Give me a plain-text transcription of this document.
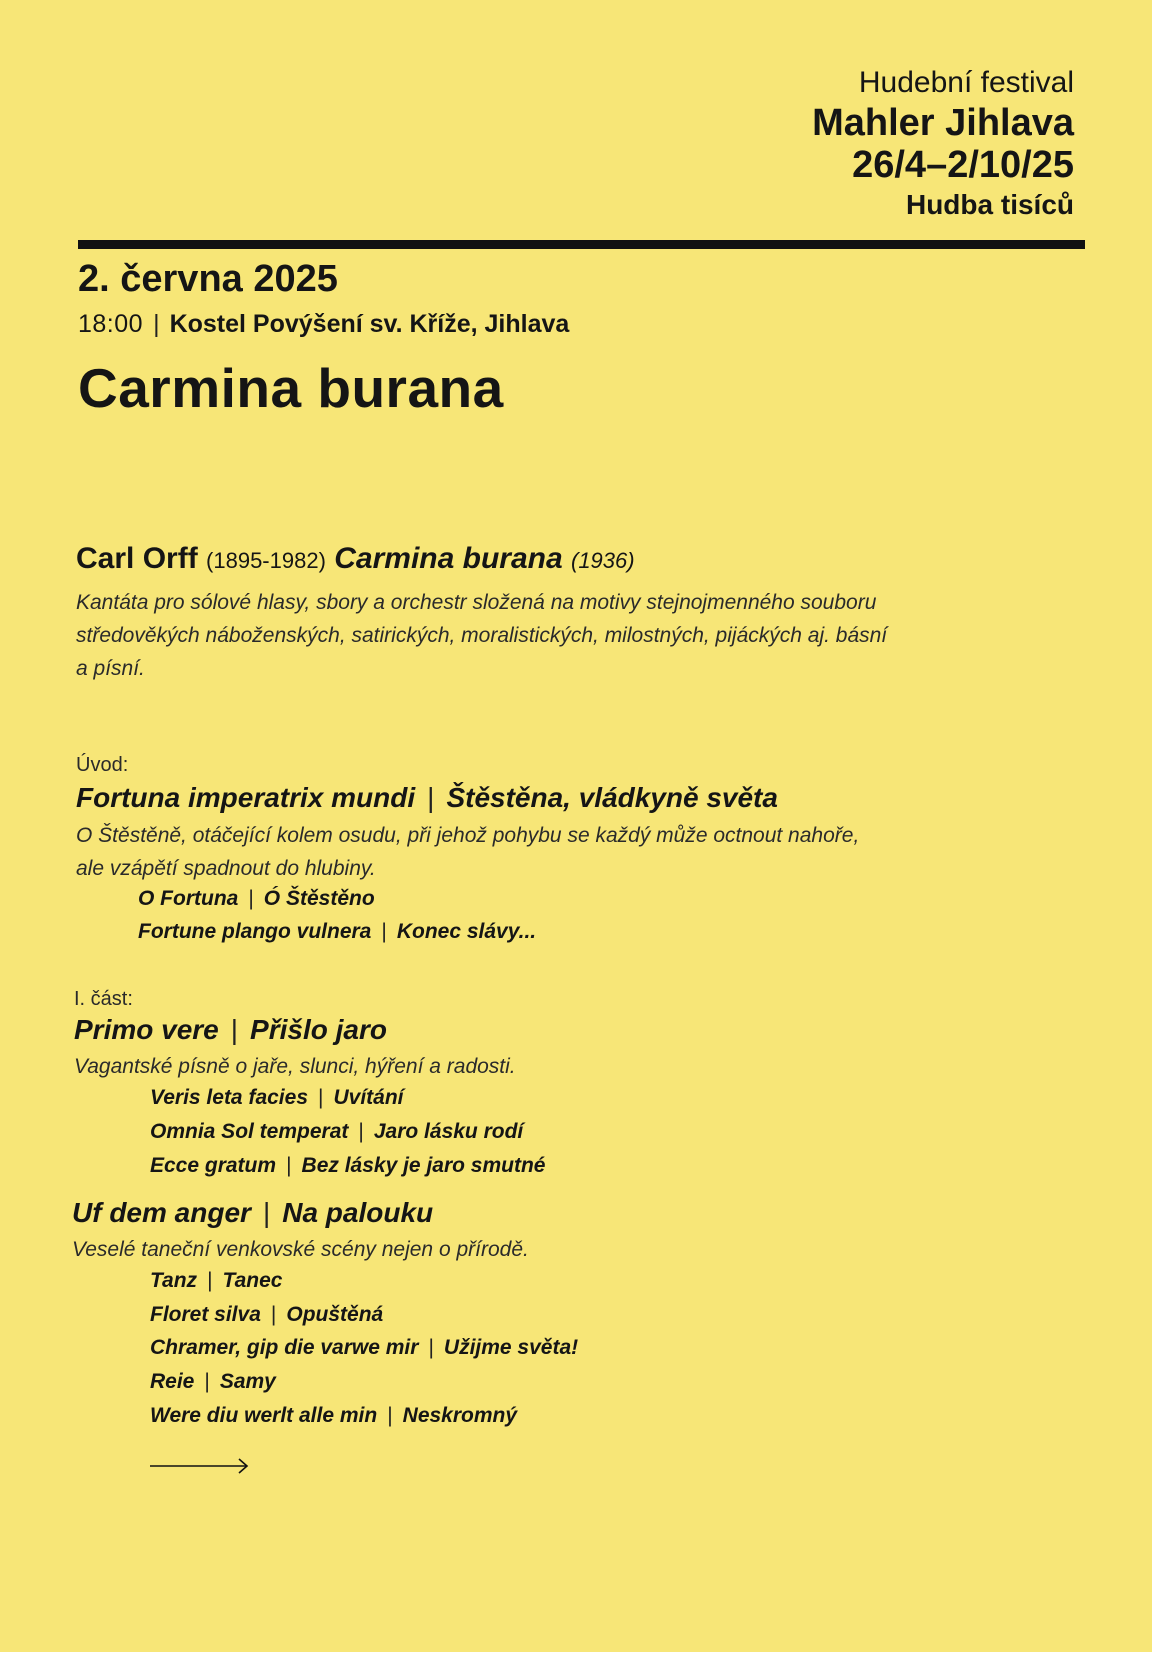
Hudební festival
Mahler Jihlava
26/4–2/10/25
Hudba tisíců
2. června 2025
18:00 | Kostel Povýšení sv. Kříže, Jihlava
Carmina burana
Carl Orff (1895-1982) Carmina burana (1936)
Kantáta pro sólové hlasy, sbory a orchestr složená na motivy stejnojmenného souboru
středověkých náboženských, satirických, moralistických, milostných, pijáckých aj. básní
a písní.
Úvod:
Fortuna imperatrix mundi | Štěstěna, vládkyně světa
O Štěstěně, otáčející kolem osudu, při jehož pohybu se každý může octnout nahoře,
ale vzápětí spadnout do hlubiny.
O Fortuna | Ó Štěstěno
Fortune plango vulnera | Konec slávy...
I. část:
Primo vere | Přišlo jaro
Vagantské písně o jaře, slunci, hýření a radosti.
Veris leta facies | Uvítání
Omnia Sol temperat | Jaro lásku rodí
Ecce gratum | Bez lásky je jaro smutné
Uf dem anger | Na palouku
Veselé taneční venkovské scény nejen o přírodě.
Tanz | Tanec
Floret silva | Opuštěná
Chramer, gip die varwe mir | Užijme světa!
Reie | Samy
Were diu werlt alle min | Neskromný
